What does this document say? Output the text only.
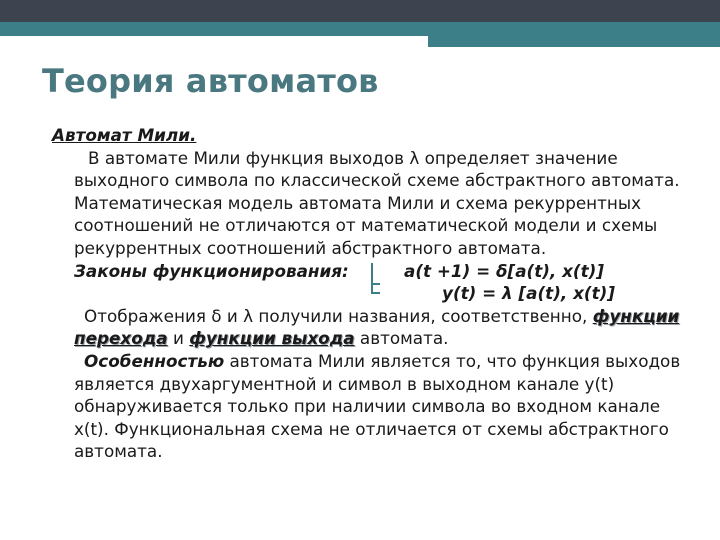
Теория автоматов
Автомат Мили.
В автомате Мили функция выходов λ определяет значение выходного символа по классической схеме абстрактного автомата. Математическая модель автомата Мили и схема рекуррентных соотношений не отличаются от математической модели и схемы рекуррентных соотношений абстрактного автомата.
Законы функционирования:	a(t +1) = δ[a(t), x(t)]
y(t) = λ [a(t), x(t)]
Отображения δ и λ получили названия, соответственно, функции перехода и функции выхода автомата.
Особенностью автомата Мили является то, что функция выходов является двухаргументной и символ в выходном канале y(t) обнаруживается только при наличии символа во входном канале x(t). Функциональная схема не отличается от схемы абстрактного автомата.
